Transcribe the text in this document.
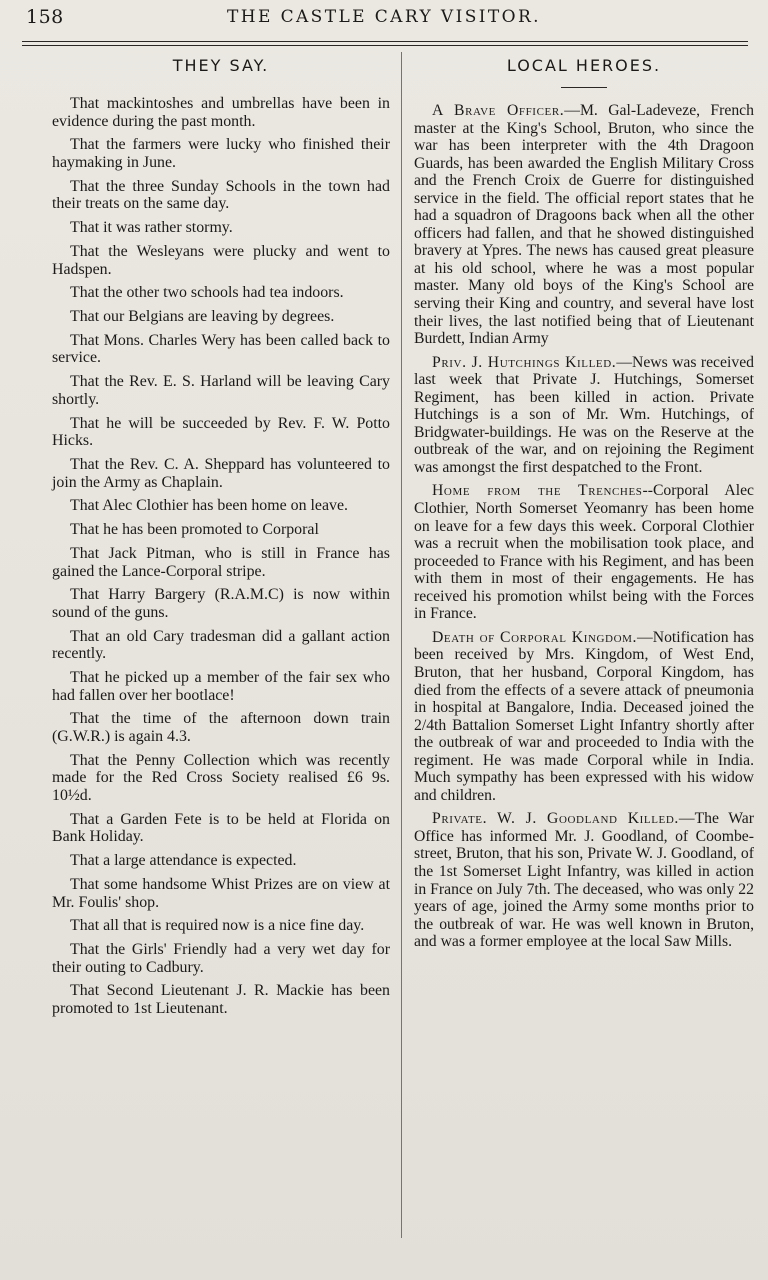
158	THE CASTLE CARY VISITOR.
THEY SAY.
That mackintoshes and umbrellas have been in evidence during the past month.
That the farmers were lucky who finished their haymaking in June.
That the three Sunday Schools in the town had their treats on the same day.
That it was rather stormy.
That the Wesleyans were plucky and went to Hadspen.
That the other two schools had tea indoors.
That our Belgians are leaving by degrees.
That Mons. Charles Wery has been called back to service.
That the Rev. E. S. Harland will be leaving Cary shortly.
That he will be succeeded by Rev. F. W. Potto Hicks.
That the Rev. C. A. Sheppard has volunteered to join the Army as Chaplain.
That Alec Clothier has been home on leave.
That he has been promoted to Corporal
That Jack Pitman, who is still in France has gained the Lance-Corporal stripe.
That Harry Bargery (R.A.M.C) is now within sound of the guns.
That an old Cary tradesman did a gallant action recently.
That he picked up a member of the fair sex who had fallen over her bootlace!
That the time of the afternoon down train (G.W.R.) is again 4.3.
That the Penny Collection which was recently made for the Red Cross Society realised £6 9s. 10½d.
That a Garden Fete is to be held at Florida on Bank Holiday.
That a large attendance is expected.
That some handsome Whist Prizes are on view at Mr. Foulis' shop.
That all that is required now is a nice fine day.
That the Girls' Friendly had a very wet day for their outing to Cadbury.
That Second Lieutenant J. R. Mackie has been promoted to 1st Lieutenant.
LOCAL HEROES.

A Brave Officer.—M. Gal-Ladeveze, French master at the King's School, Bruton, who since the war has been interpreter with the 4th Dragoon Guards, has been awarded the English Military Cross and the French Croix de Guerre for distinguished service in the field. The official report states that he had a squadron of Dragoons back when all the other officers had fallen, and that he showed distinguished bravery at Ypres. The news has caused great pleasure at his old school, where he was a most popular master. Many old boys of the King's School are serving their King and country, and several have lost their lives, the last notified being that of Lieutenant Burdett, Indian Army

Priv. J. Hutchings Killed.—News was received last week that Private J. Hutchings, Somerset Regiment, has been killed in action. Private Hutchings is a son of Mr. Wm. Hutchings, of Bridgwater-buildings. He was on the Reserve at the outbreak of the war, and on rejoining the Regiment was amongst the first despatched to the Front.

Home from the Trenches--Corporal Alec Clothier, North Somerset Yeomanry has been home on leave for a few days this week. Corporal Clothier was a recruit when the mobilisation took place, and proceeded to France with his Regiment, and has been with them in most of their engagements. He has received his promotion whilst being with the Forces in France.

Death of Corporal Kingdom.—Notification has been received by Mrs. Kingdom, of West End, Bruton, that her husband, Corporal Kingdom, has died from the effects of a severe attack of pneumonia in hospital at Bangalore, India. Deceased joined the 2/4th Battalion Somerset Light Infantry shortly after the outbreak of war and proceeded to India with the regiment. He was made Corporal while in India. Much sympathy has been expressed with his widow and children.

Private. W. J. Goodland Killed.—The War Office has informed Mr. J. Goodland, of Coombe-street, Bruton, that his son, Private W. J. Goodland, of the 1st Somerset Light Infantry, was killed in action in France on July 7th. The deceased, who was only 22 years of age, joined the Army some months prior to the outbreak of war. He was well known in Bruton, and was a former employee at the local Saw Mills.
